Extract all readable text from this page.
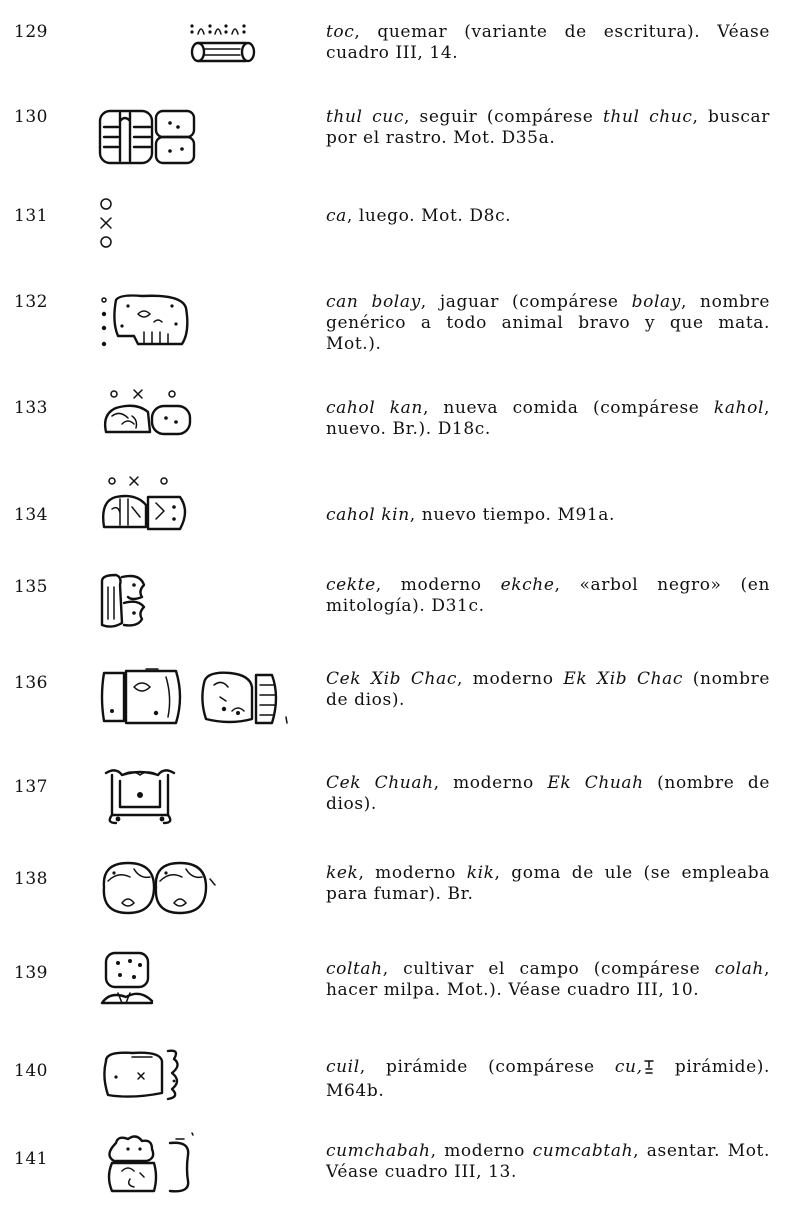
129	toc, quemar (variante de escritura). Véase cuadro III, 14.
130	thul cuc, seguir (compárese thul chuc, buscar por el rastro. Mot. D35a.
131	ca, luego. Mot. D8c.
132	can bolay, jaguar (compárese bolay, nombre genérico a todo animal bravo y que mata. Mot.).
133	cahol kan, nueva comida (compárese kahol, nuevo. Br.). D18c.
134	cahol kin, nuevo tiempo. M91a.
135	cekte, moderno ekche, «arbol negro» (en mitología). D31c.
136	Cek Xib Chac, moderno Ek Xib Chac (nombre de dios).
137	Cek Chuah, moderno Ek Chuah (nombre de dios).
138	kek, moderno kik, goma de ule (se empleaba para fumar). Br.
139	coltah, cultivar el campo (compárese colah, hacer milpa. Mot.). Véase cuadro III, 10.
140	cuil, pirámide (compárese cu, pirámide). M64b.
141	cumchabah, moderno cumcabtah, asentar. Mot. Véase cuadro III, 13.
